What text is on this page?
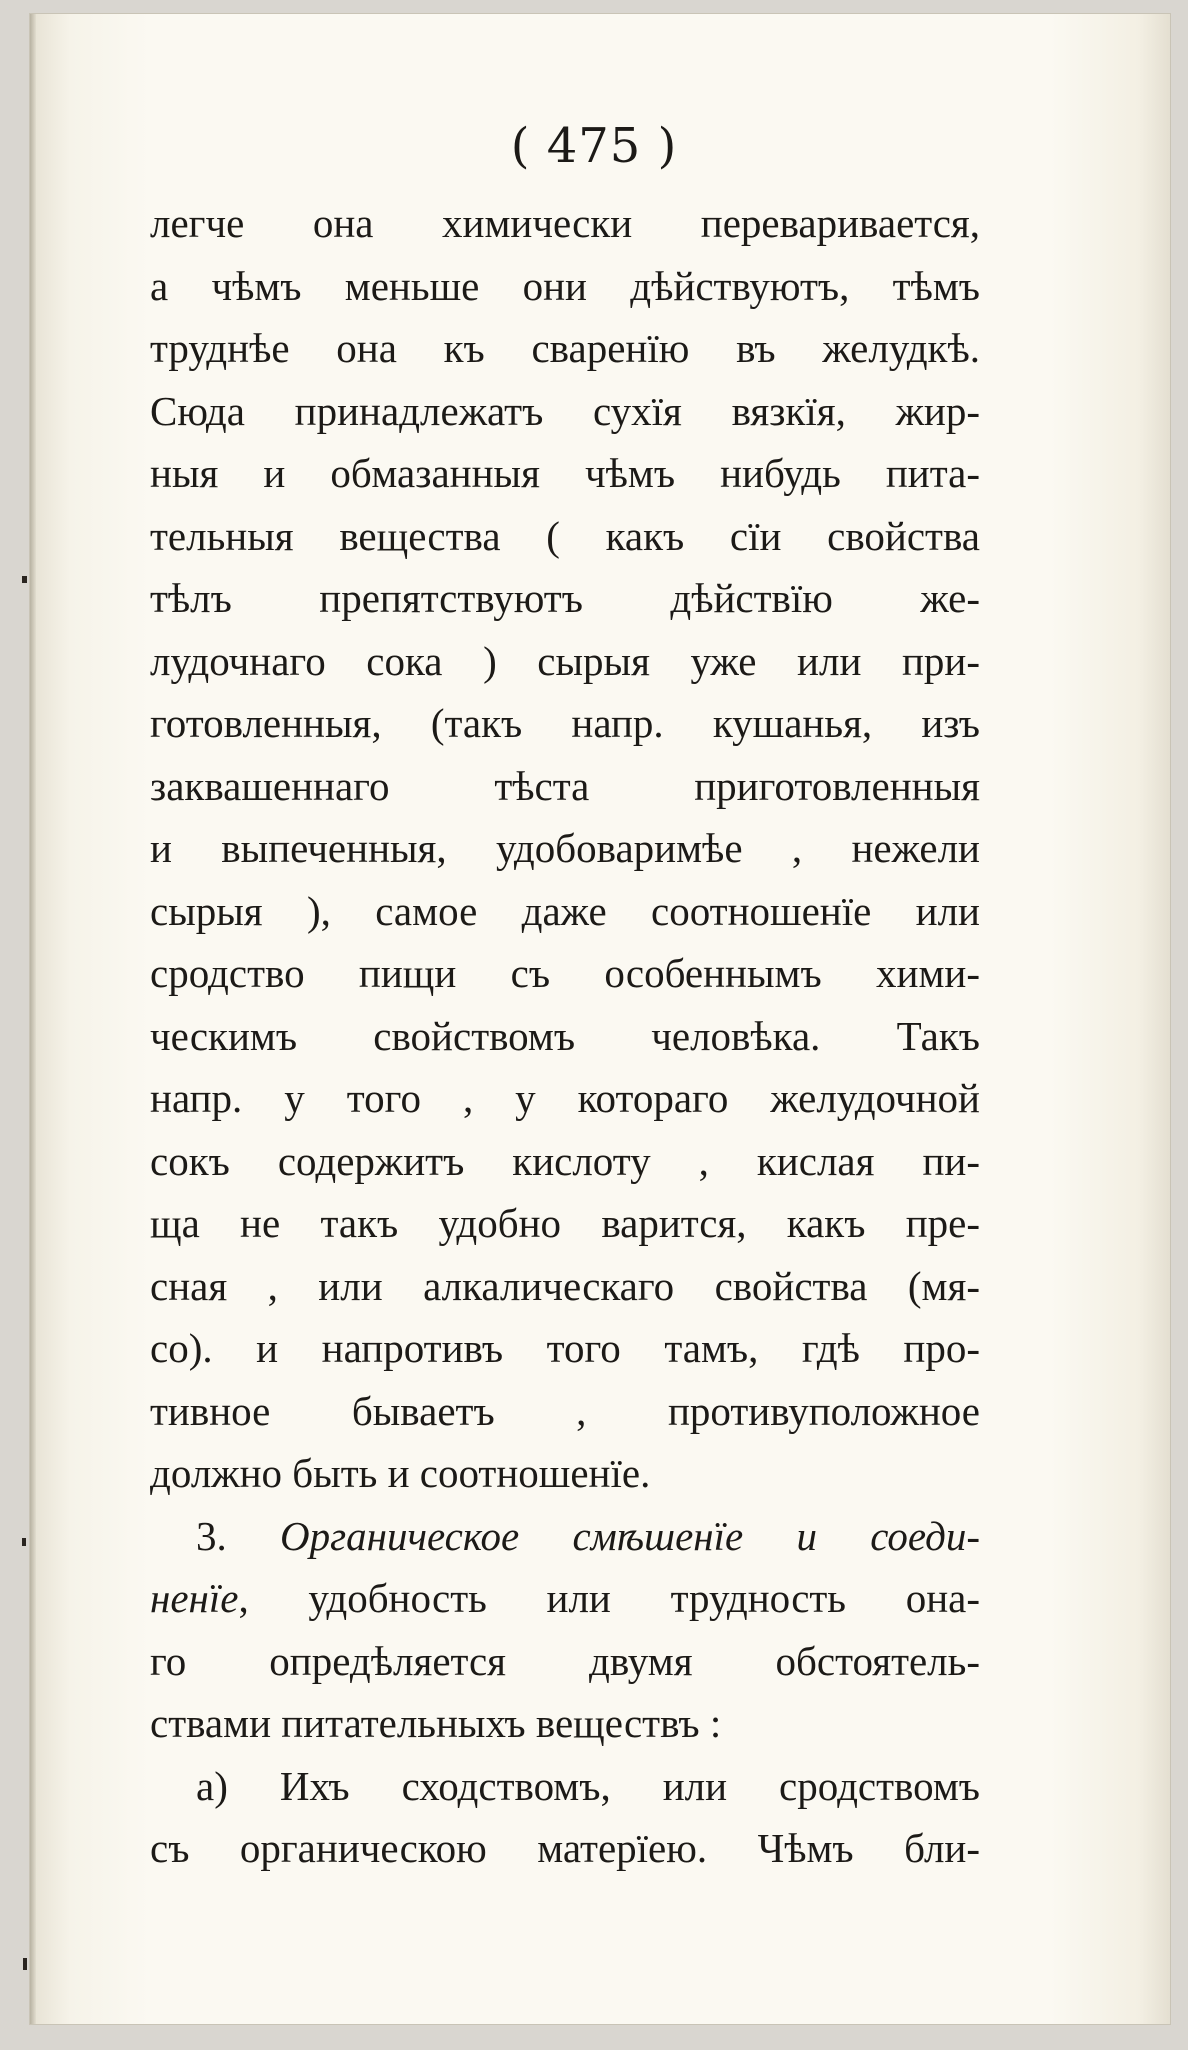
( 475 )
легче она химически переваривается,
а чѣмъ меньше они дѣйствуютъ, тѣмъ
труднѣе она къ сваренїю въ желудкѣ.
Сюда принадлежатъ сухїя вязкїя, жир-
ныя и обмазанныя чѣмъ нибудь пита-
тельныя вещества ( какъ сїи свойства
тѣлъ препятствуютъ дѣйствїю же-
лудочнаго сока ) сырыя уже или при-
готовленныя, (такъ напр. кушанья, изъ
заквашеннаго тѣста приготовленныя
и выпеченныя, удобоваримѣе , нежели
сырыя ), самое даже соотношенїе или
сродство пищи съ особеннымъ хими-
ческимъ свойствомъ человѣка. Такъ
напр. у того , у котораго желудочной
сокъ содержитъ кислоту , кислая пи-
ща не такъ удобно варится, какъ пре-
сная , или алкалическаго свойства (мя-
со). и напротивъ того тамъ, гдѣ про-
тивное бываетъ , противуположное
должно быть и соотношенїе.
3. Органическое смѣшенїе и соеди-
ненїе, удобность или трудность она-
го опредѣляется двумя обстоятель-
ствами питательныхъ веществъ :
а) Ихъ сходствомъ, или сродствомъ
съ органическою матерїею. Чѣмъ бли-
